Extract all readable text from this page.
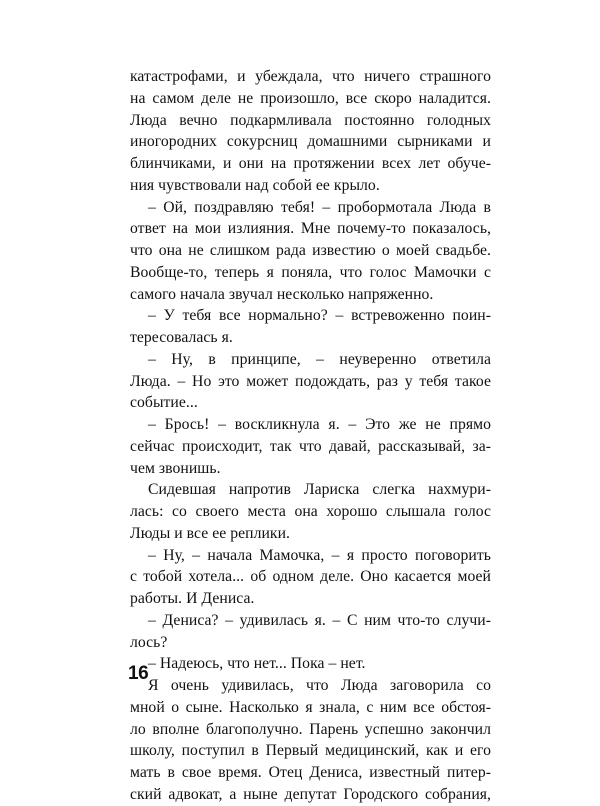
катастрофами, и убеждала, что ничего страшного
на самом деле не произошло, все скоро наладится.
Люда вечно подкармливала постоянно голодных
иногородних сокурсниц домашними сырниками и
блинчиками, и они на протяжении всех лет обуче-
ния чувствовали над собой ее крыло.
– Ой, поздравляю тебя! – пробормотала Люда в
ответ на мои излияния. Мне почему-то показалось,
что она не слишком рада известию о моей свадьбе.
Вообще-то, теперь я поняла, что голос Мамочки с
самого начала звучал несколько напряженно.
– У тебя все нормально? – встревоженно поин-
тересовалась я.
– Ну, в принципе, – неуверенно ответила
Люда. – Но это может подождать, раз у тебя такое
событие...
– Брось! – воскликнула я. – Это же не прямо
сейчас происходит, так что давай, рассказывай, за-
чем звонишь.
Сидевшая напротив Лариска слегка нахмури-
лась: со своего места она хорошо слышала голос
Люды и все ее реплики.
– Ну, – начала Мамочка, – я просто поговорить
с тобой хотела... об одном деле. Оно касается моей
работы. И Дениса.
– Дениса? – удивилась я. – С ним что-то случи-
лось?
– Надеюсь, что нет... Пока – нет.
Я очень удивилась, что Люда заговорила со
мной о сыне. Насколько я знала, с ним все обстоя-
ло вполне благополучно. Парень успешно закончил
школу, поступил в Первый медицинский, как и его
мать в свое время. Отец Дениса, известный питер-
ский адвокат, а ныне депутат Городского собрания,
16
